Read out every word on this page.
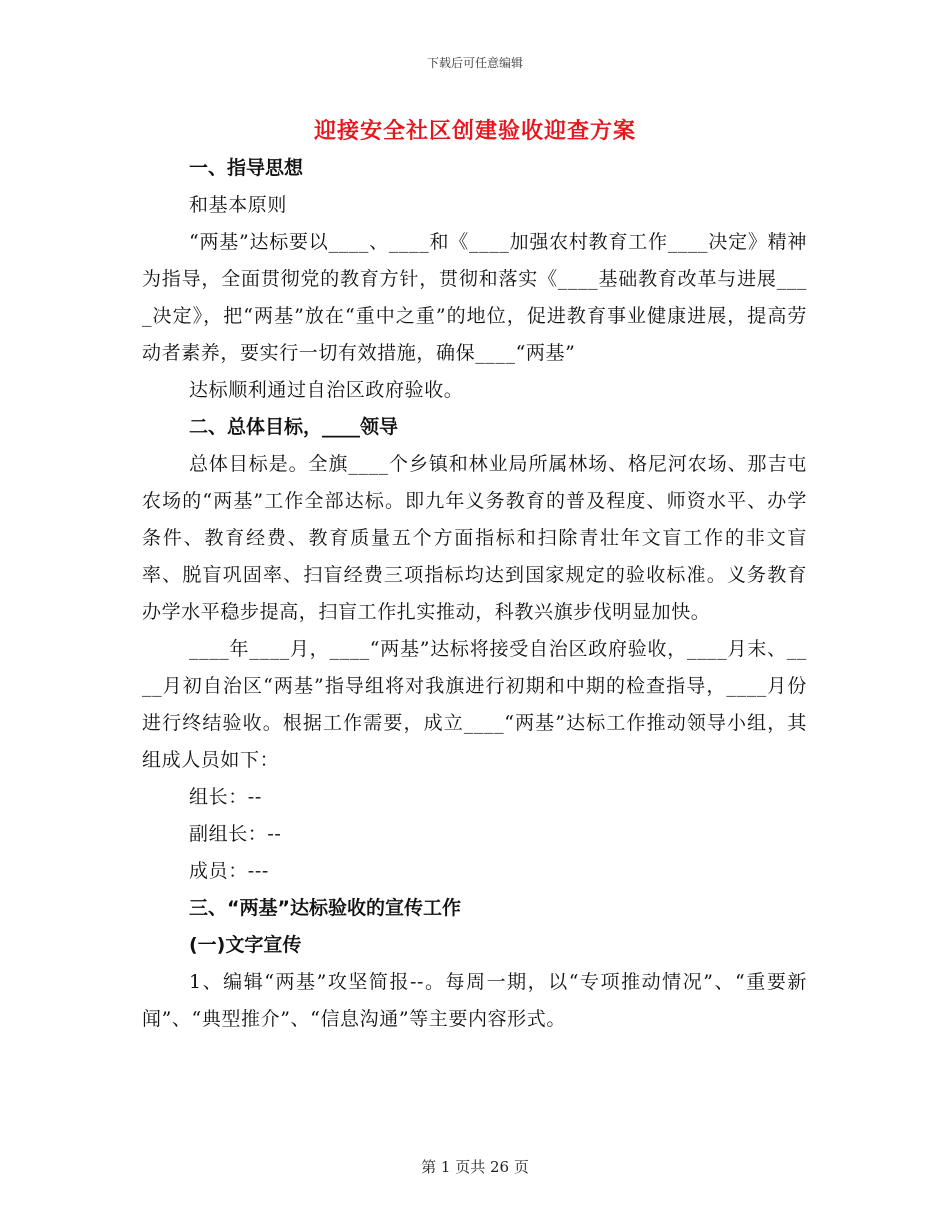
下载后可任意编辑
迎接安全社区创建验收迎查方案

一、指导思想

和基本原则

“两基”达标要以____、____和《____加强农村教育工作____决定》精神为指导，全面贯彻党的教育方针，贯彻和落实《____基础教育改革与进展____决定》，把“两基”放在“重中之重”的地位，促进教育事业健康进展，提高劳动者素养，要实行一切有效措施，确保____“两基”

达标顺利通过自治区政府验收。

二、总体目标，____领导

总体目标是。全旗____个乡镇和林业局所属林场、格尼河农场、那吉屯农场的“两基”工作全部达标。即九年义务教育的普及程度、师资水平、办学条件、教育经费、教育质量五个方面指标和扫除青壮年文盲工作的非文盲率、脱盲巩固率、扫盲经费三项指标均达到国家规定的验收标准。义务教育办学水平稳步提高，扫盲工作扎实推动，科教兴旗步伐明显加快。

____年____月，____“两基”达标将接受自治区政府验收，____月末、____月初自治区“两基”指导组将对我旗进行初期和中期的检查指导，____月份进行终结验收。根据工作需要，成立____“两基”达标工作推动领导小组，其组成人员如下：

组长：--

副组长：--

成员：---

三、“两基”达标验收的宣传工作

(一)文字宣传

1、编辑“两基”攻坚简报--。每周一期，以“专项推动情况”、“重要新闻”、“典型推介”、“信息沟通”等主要内容形式。

第 1 页共 26 页
